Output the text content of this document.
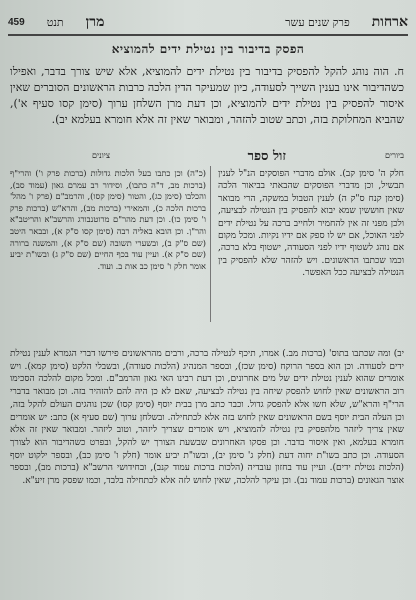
ארחות
פרק שנים עשר
מרן
תנט
459
הפסק בדיבור בין נטילת ידים להמוציא
ח. הוה נוהג להקל להפסיק בדיבור בין נטילת ידים להמוציא, אלא שיש צורך בדבר, ואפילו כשהדיבור אינו בענין השייך לסעודה, כיון שמעיקר הדין הלכה כרבות הראשונים הסוברים שאין איסור להפסיק בין נטילת ידים להמוציא, וכן דעת מרן השלחן ערוך (סימן קסו סעיף א'), שהביא המחלוקת בזה, וכתב שטוב להזהר, ומבואר שאין זה אלא חומרא בעלמא יב).
ביורים
זול ספר
ציונים
חלק ה' סימן קב). אולם מדברי הפוסקים הנ"ל לענין תבשיל, וכן מדברי הפוסקים שהבאתי בביאור הלכה (סימן קנח ס"ק ה) לענין הטבול במשקה, הרי מבואר שאין חוששין שמא יבוא להפסיק בין הנטילה לבציעה, ולכן מפני זה אין להחמיר ולחייב ברכה על נטילת ידים לפני האוכל, אם יש לו ספק אם ידיו נקיות. ומכל מקום אם נוהג לשטוף ידיו לפני הסעודה, ישטוף בלא ברכה, וכמו שכתבו הראשונים. ויש להזהר שלא להפסיק בין הנטילה לבציעה ככל האפשר.
(כ"ה) וכן כתבו בעל הלכות גדולות (ברכות פרק ו') והרי"ף (ברכות מב, ד"ה כתבו), וסידור רב עמרם גאון (עמוד סב), והכלבו (סימן כג), והטור (סימן קסו), והרמב"ם (פרק ו' מהל' ברכות הלכה כ), והמאירי (ברכות מב), והרא"ש (ברכות פרק ו' סימן כו). וכן דעת מהר"ם מרוטנבורג והרשב"א והריטב"א והר"ן. וכן הובא באליה רבה (סימן קסו ס"ק א), ובבאר היטב (שם ס"ק ב), ובשערי תשובה (שם ס"ק א), והמשנה ברורה (שם ס"ק א). ועיין עוד בכף החיים (שם ס"ק ג) ובשו"ת יביע אומר חלק ו' סימן כב אות ב. ועוד.
יב) ומה שכתבו בתוס' (ברכות מב.) אמרו, תיכף לנטילה ברכה, ורבים מהראשונים פירשו דברי הגמרא לענין נטילת ידים לסעודה. וכן הוא בספר הרוקח (סימן שכז), ובספר המנהיג (הלכות סעודה), ובשבלי הלקט (סימן קמא). ויש אומרים שהוא לענין נטילת ידים של מים אחרונים, וכן דעת רבינו האי גאון והרמב"ם. ומכל מקום להלכה הסכימו רוב הראשונים שאין לחוש להפסק שיחה בין נטילה לבציעה, שאם לא כן היה להם להזהיר בזה. וכן מבואר בדברי הרי"ף והרא"ש, שלא חשו אלא להפסק גדול. וכבר כתב מרן בבית יוסף (סימן קסו) שכן נוהגים העולם להקל בזה, וכן העלה הבית יוסף בשם הראשונים שאין לחוש בזה אלא לכתחילה. ובשלחן ערוך (שם סעיף א) כתב: יש אומרים שאין צריך ליזהר מלהפסיק בין נטילה להמוציא, ויש אומרים שצריך ליזהר, וטוב ליזהר. ומבואר שאין זה אלא חומרא בעלמא, ואין איסור בדבר. וכן פסקו האחרונים שבשעת הצורך יש להקל, ובפרט כשהדיבור הוא לצורך הסעודה. וכן כתב בשו"ת יחוה דעת (חלק ג' סימן יב), ובשו"ת יביע אומר (חלק ו' סימן כב), ובספר ילקוט יוסף (הלכות נטילת ידים). ועיין עוד בחזון עובדיה (הלכות ברכות עמוד קנב), ובחידושי הרשב"א (ברכות מב), ובספר אוצר הגאונים (ברכות עמוד נב). וכן עיקר להלכה, שאין לחוש לזה אלא לכתחילה בלבד, וכמו שפסק מרן זיע"א.
